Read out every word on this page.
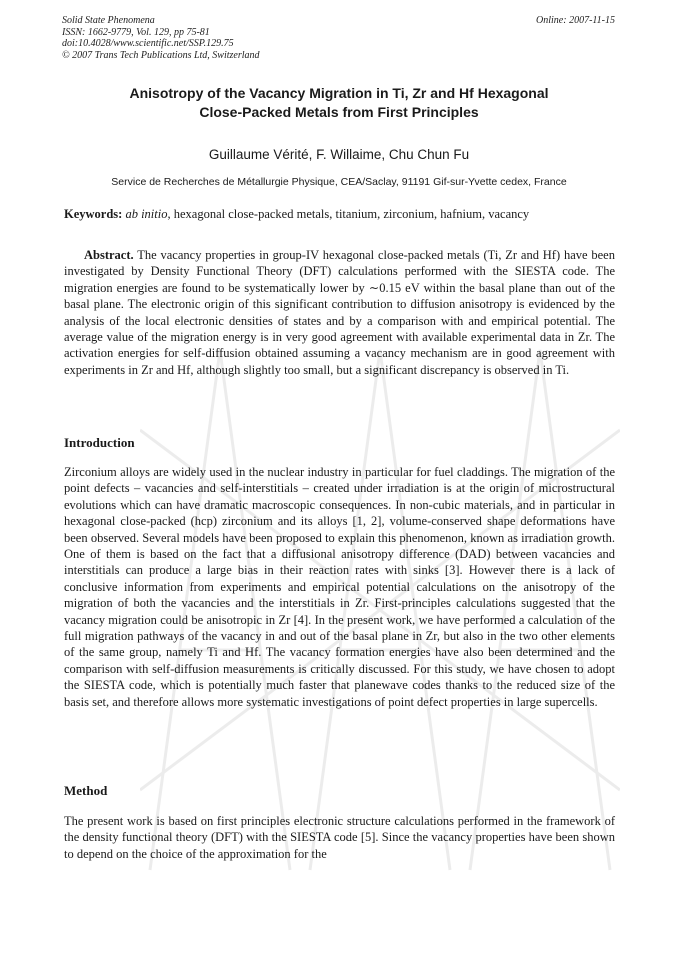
Solid State Phenomena
ISSN: 1662-9779, Vol. 129, pp 75-81
doi:10.4028/www.scientific.net/SSP.129.75
© 2007 Trans Tech Publications Ltd, Switzerland
Online: 2007-11-15
Anisotropy of the Vacancy Migration in Ti, Zr and Hf Hexagonal
Close-Packed Metals from First Principles
Guillaume Vérité, F. Willaime, Chu Chun Fu
Service de Recherches de Métallurgie Physique, CEA/Saclay, 91191 Gif-sur-Yvette cedex, France
Keywords: ab initio, hexagonal close-packed metals, titanium, zirconium, hafnium, vacancy
Abstract. The vacancy properties in group-IV hexagonal close-packed metals (Ti, Zr and Hf) have been investigated by Density Functional Theory (DFT) calculations performed with the SIESTA code. The migration energies are found to be systematically lower by ∼0.15 eV within the basal plane than out of the basal plane. The electronic origin of this significant contribution to diffusion anisotropy is evidenced by the analysis of the local electronic densities of states and by a comparison with and empirical potential. The average value of the migration energy is in very good agreement with available experimental data in Zr. The activation energies for self-diffusion obtained assuming a vacancy mechanism are in good agreement with experiments in Zr and Hf, although slightly too small, but a significant discrepancy is observed in Ti.
Introduction

Zirconium alloys are widely used in the nuclear industry in particular for fuel claddings. The migration of the point defects – vacancies and self-interstitials – created under irradiation is at the origin of microstructural evolutions which can have dramatic macroscopic consequences. In non-cubic materials, and in particular in hexagonal close-packed (hcp) zirconium and its alloys [1, 2], volume-conserved shape deformations have been observed. Several models have been proposed to explain this phenomenon, known as irradiation growth. One of them is based on the fact that a diffusional anisotropy difference (DAD) between vacancies and interstitials can produce a large bias in their reaction rates with sinks [3]. However there is a lack of conclusive information from experiments and empirical potential calculations on the anisotropy of the migration of both the vacancies and the interstitials in Zr. First-principles calculations suggested that the vacancy migration could be anisotropic in Zr [4]. In the present work, we have performed a calculation of the full migration pathways of the vacancy in and out of the basal plane in Zr, but also in the two other elements of the same group, namely Ti and Hf. The vacancy formation energies have also been determined and the comparison with self-diffusion measurements is critically discussed. For this study, we have chosen to adopt the SIESTA code, which is potentially much faster that planewave codes thanks to the reduced size of the basis set, and therefore allows more systematic investigations of point defect properties in large supercells.

Method

The present work is based on first principles electronic structure calculations performed in the framework of the density functional theory (DFT) with the SIESTA code [5]. Since the vacancy properties have been shown to depend on the choice of the approximation for the
